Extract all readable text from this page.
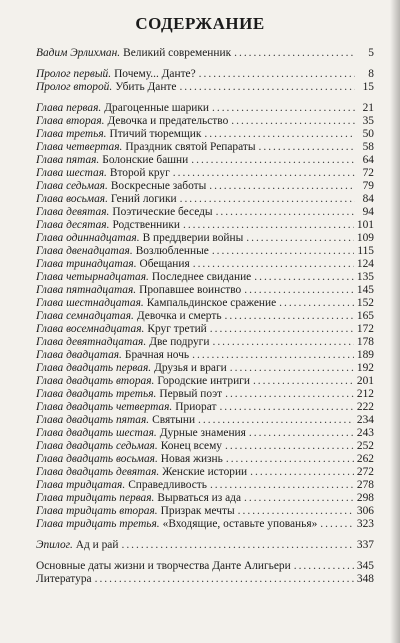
СОДЕРЖАНИЕ
Вадим Эрлихман. Великий современник .....	5
Пролог первый. Почему... Данте? .....	8
Пролог второй. Убить Данте .....	15
Глава первая. Драгоценные шарики .....	21
Глава вторая. Девочка и предательство .....	35
Глава третья. Птичий тюремщик .....	50
Глава четвертая. Праздник святой Репараты .....	58
Глава пятая. Болонские башни .....	64
Глава шестая. Второй круг .....	72
Глава седьмая. Воскресные заботы .....	79
Глава восьмая. Гений логики .....	84
Глава девятая. Поэтические беседы .....	94
Глава десятая. Родственники .....	101
Глава одиннадцатая. В преддверии войны .....	109
Глава двенадцатая. Возлюбленные .....	115
Глава тринадцатая. Обещания .....	124
Глава четырнадцатая. Последнее свидание .....	135
Глава пятнадцатая. Пропавшее воинство .....	145
Глава шестнадцатая. Кампальдинское сражение .....	152
Глава семнадцатая. Девочка и смерть .....	165
Глава восемнадцатая. Круг третий .....	172
Глава девятнадцатая. Две подруги .....	178
Глава двадцатая. Брачная ночь .....	189
Глава двадцать первая. Друзья и враги .....	192
Глава двадцать вторая. Городские интриги .....	201
Глава двадцать третья. Первый поэт .....	212
Глава двадцать четвертая. Приорат .....	222
Глава двадцать пятая. Святыни .....	234
Глава двадцать шестая. Дурные знамения .....	243
Глава двадцать седьмая. Конец всему .....	252
Глава двадцать восьмая. Новая жизнь .....	262
Глава двадцать девятая. Женские истории .....	272
Глава тридцатая. Справедливость .....	278
Глава тридцать первая. Вырваться из ада .....	298
Глава тридцать вторая. Призрак мечты .....	306
Глава тридцать третья. «Входящие, оставьте упованья» .....	323
Эпилог. Ад и рай .....	337
Основные даты жизни и творчества Данте Алигьери .....	345
Литература .....	348
